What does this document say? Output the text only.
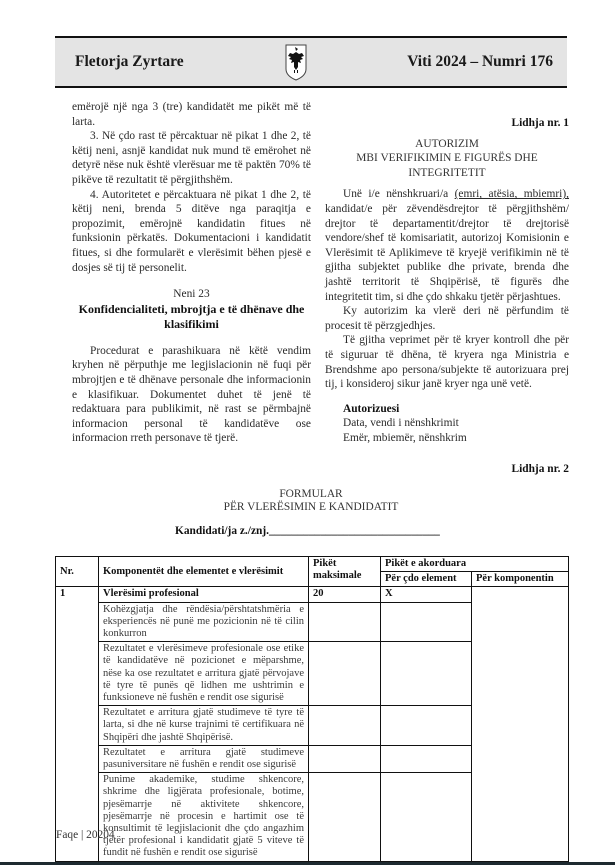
Fletorja Zyrtare	Viti 2024 – Numri 176

emërojë një nga 3 (tre) kandidatët me pikët më të larta.

3. Në çdo rast të përcaktuar në pikat 1 dhe 2, të këtij neni, asnjë kandidat nuk mund të emërohet në detyrë nëse nuk është vlerësuar me të paktën 70% të pikëve të rezultatit të përgjithshëm.

4. Autoritetet e përcaktuara në pikat 1 dhe 2, të këtij neni, brenda 5 ditëve nga paraqitja e propozimit, emërojnë kandidatin fitues në funksionin përkatës. Dokumentacioni i kandidatit fitues, si dhe formularët e vlerësimit bëhen pjesë e dosjes së tij të personelit.

Neni 23

Konfidencialiteti, mbrojtja e të dhënave dhe klasifikimi

Procedurat e parashikuara në këtë vendim kryhen në përputhje me legjislacionin në fuqi për mbrojtjen e të dhënave personale dhe informacionin e klasifikuar. Dokumentet duhet të jenë të redaktuara para publikimit, në rast se përmbajnë informacion personal të kandidatëve ose informacion rreth personave të tjerë.

Lidhja nr. 1

AUTORIZIM

MBI VERIFIKIMIN E FIGURËS DHE INTEGRITETIT

Unë i/e nënshkruari/a (emri, atësia, mbiemri), kandidat/e për zëvendësdrejtor të përgjithshëm/ drejtor të departamentit/drejtor të drejtorisë vendore/shef të komisariatit, autorizoj Komisionin e Vlerësimit të Aplikimeve të kryejë verifikimin në të gjitha subjektet publike dhe private, brenda dhe jashtë territorit të Shqipërisë, të figurës dhe integritetit tim, si dhe çdo shkaku tjetër përjashtues.

Ky autorizim ka vlerë deri në përfundim të procesit të përzgjedhjes.

Të gjitha veprimet për të kryer kontroll dhe për të siguruar të dhëna, të kryera nga Ministria e Brendshme apo persona/subjekte të autorizuara prej tij, i konsideroj sikur janë kryer nga unë vetë.

Autorizuesi

Data, vendi i nënshkrimit

Emër, mbiemër, nënshkrim

Lidhja nr. 2
FORMULAR
PËR VLERËSIMIN E KANDIDATIT
Kandidati/ja z./znj.______________________________
Nr.	Komponentët dhe elementet e vlerësimit	Pikët maksimale	Pikët e akorduara	
			Për çdo element	Për komponentin
1	Vlerësimi profesional	20	X	
	Kohëzgjatja dhe rëndësia/përshtatshmëria e eksperiencës në punë me pozicionin në të cilin konkurron			
	Rezultatet e vlerësimeve profesionale ose etike të kandidatëve në pozicionet e mëparshme, nëse ka ose rezultatet e arritura gjatë përvojave të tyre të punës që lidhen me ushtrimin e funksioneve në fushën e rendit ose sigurisë			
	Rezultatet e arritura gjatë studimeve të tyre të larta, si dhe në kurse trajnimi të certifikuara në Shqipëri dhe jashtë Shqipërisë.			
	Rezultatet e arritura gjatë studimeve pasuniversitare në fushën e rendit ose sigurisë			
	Punime akademike, studime shkencore, shkrime dhe ligjërata profesionale, botime, pjesëmarrje në aktivitete shkencore, pjesëmarrje në procesin e hartimit ose të konsultimit të legjislacionit dhe çdo angazhim tjetër profesional i kandidatit gjatë 5 viteve të fundit në fushën e rendit ose sigurisë			
Faqe | 20204
